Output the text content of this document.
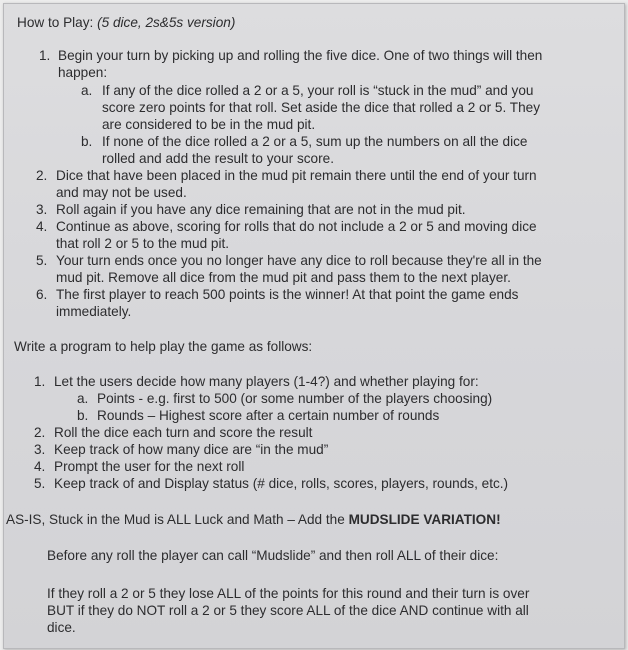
How to Play: (5 dice, 2s&5s version)
1. Begin your turn by picking up and rolling the five dice. One of two things will then

happen:

a. If any of the dice rolled a 2 or a 5, your roll is “stuck in the mud” and you

score zero points for that roll. Set aside the dice that rolled a 2 or 5. They

are considered to be in the mud pit.

b. If none of the dice rolled a 2 or a 5, sum up the numbers on all the dice

rolled and add the result to your score.

2. Dice that have been placed in the mud pit remain there until the end of your turn

and may not be used.

3. Roll again if you have any dice remaining that are not in the mud pit.

4. Continue as above, scoring for rolls that do not include a 2 or 5 and moving dice

that roll 2 or 5 to the mud pit.

5. Your turn ends once you no longer have any dice to roll because they're all in the

mud pit. Remove all dice from the mud pit and pass them to the next player.

6. The first player to reach 500 points is the winner! At that point the game ends

immediately.

Write a program to help play the game as follows:

1. Let the users decide how many players (1-4?) and whether playing for:

a. Points - e.g. first to 500 (or some number of the players choosing)

b. Rounds – Highest score after a certain number of rounds

2. Roll the dice each turn and score the result

3. Keep track of how many dice are “in the mud”

4. Prompt the user for the next roll

5. Keep track of and Display status (# dice, rolls, scores, players, rounds, etc.)

AS-IS, Stuck in the Mud is ALL Luck and Math – Add the MUDSLIDE VARIATION!

Before any roll the player can call “Mudslide” and then roll ALL of their dice:

If they roll a 2 or 5 they lose ALL of the points for this round and their turn is over

BUT if they do NOT roll a 2 or 5 they score ALL of the dice AND continue with all

dice.
